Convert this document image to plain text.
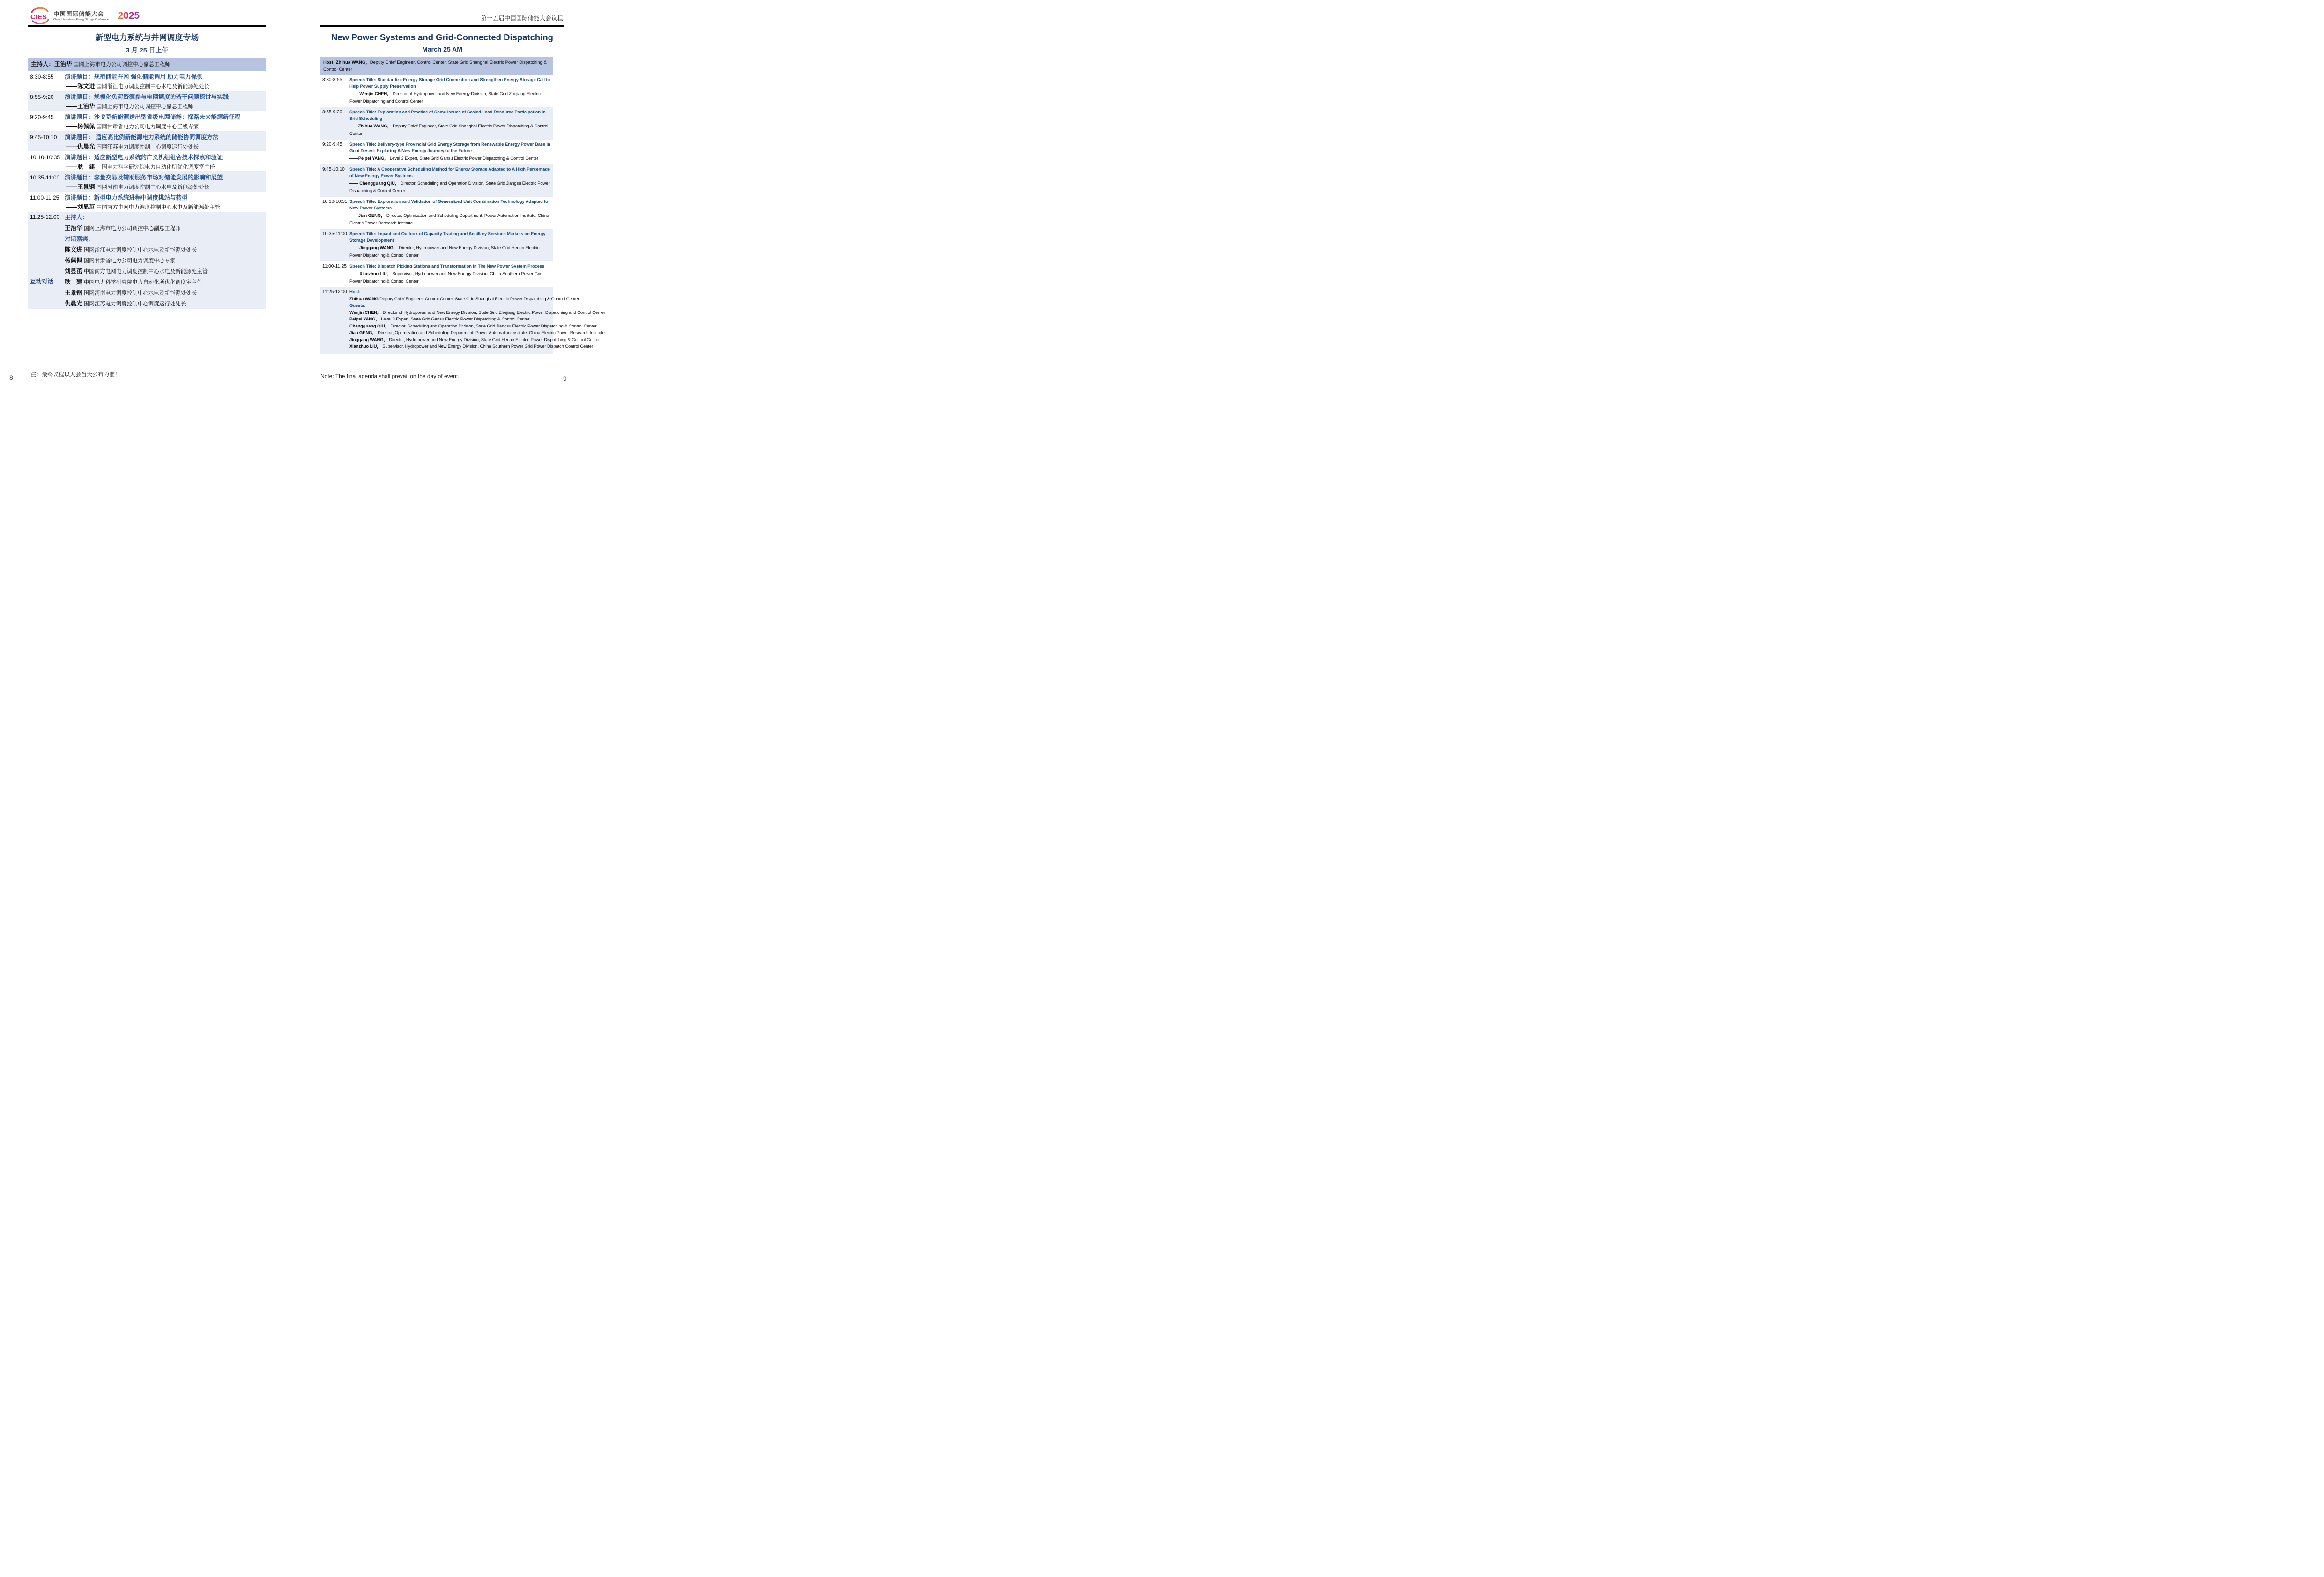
CIES 中国国际储能大会
China International Energy Storage Conference 2025
新型电力系统与并网调度专场
3 月 25 日上午
主持人：王治华 国网上海市电力公司调控中心副总工程师
8:30-8:55	演讲题目：规范储能并网 强化储能调用 助力电力保供
——陈文进 国网浙江电力调度控制中心水电及新能源处处长
8:55-9:20	演讲题目：规模化负荷资源参与电网调度的若干问题探讨与实践
——王治华 国网上海市电力公司调控中心副总工程师
9:20-9:45	演讲题目：沙戈荒新能源送出型省级电网储能：探路未来能源新征程
——杨佩佩 国网甘肃省电力公司电力调度中心三级专家
9:45-10:10	演讲题目： 适应高比例新能源电力系统的储能协同调度方法
——仇晨光 国网江苏电力调度控制中心调度运行处处长
10:10-10:35 演讲题目：适应新型电力系统的广义机组组合技术探索和验证
——耿　建 中国电力科学研究院电力自动化所优化调度室主任
10:35-11:00 演讲题目：容量交易及辅助服务市场对储能发展的影响和展望
——王景钢 国网河南电力调度控制中心水电及新能源处处长
11:00-11:25 演讲题目：新型电力系统进程中调度挑站与转型
——刘显茁 中国南方电网电力调度控制中心水电及新能源处主管
11:25-12:00 主持人：
王治华 国网上海市电力公司调控中心副总工程师
对话嘉宾：
陈文进 国网浙江电力调度控制中心水电及新能源处处长
杨佩佩 国网甘肃省电力公司电力调度中心专家
刘显茁 中国南方电网电力调度控制中心水电及新能源处主管
互动对话	耿　建 中国电力科学研究院电力自动化所优化调度室主任
王景钢 国网河南电力调度控制中心水电及新能源处处长
仇晨光 国网江苏电力调度控制中心调度运行处处长
第十五届中国国际储能大会议程
New Power Systems and Grid-Connected Dispatching
March 25 AM
Host: Zhihua WANG，Deputy Chief Engineer, Control Center, State Grid Shanghai Electric Power Dispatching & Control Center
8:30-8:55	Speech Title: Standardize Energy Storage Grid Connection and Strengthen Energy Storage Call to Help Power Supply Preservation
—— Wenjin CHEN， Director of Hydropower and New Energy Division, State Grid Zhejiang Electric Power Dispatching and Control Center
8:55-9:20	Speech Title: Exploration and Practice of Some Issues of Scaled Load Resource Participation in Srid Scheduling
——Zhihua WANG， Deputy Chief Engineer, State Grid Shanghai Electric Power Dispatching & Control Center
9:20-9:45	Speech Title: Delivery-type Provincial Grid Energy Storage from Renewable Energy Power Base in Gobi Desert: Exploring A New Energy Journey to the Future
——Peipei YANG， Level 3 Expert, State Grid Gansu Electric Power Dispatching & Control Center
9:45-10:10	Speech Title: A Cooperative Scheduling Method for Energy Storage Adapted to A High Percentage of New Energy Power Systems
—— Chengguang QIU， Director, Scheduling and Operation Division, State Grid Jiangsu Electric Power Dispatching & Control Center
10:10-10:35 Speech Title: Exploration and Validation of Generalized Unit Combination Technology Adapted to New Power Systems
——Jian GENG， Director, Optimization and Scheduling Department, Power Automation Institute, China Electric Power Research Institute
10:35-11:00 Speech Title: Impact and Outlook of Capacity Trading and Ancillary Services Markets on Energy Storage Development
—— Jinggang WANG， Director, Hydropower and New Energy Division, State Grid Henan Electric Power Dispatching & Control Center
11:00-11:25 Speech Title: Dispatch Picking Stations and Transformation in The New Power System Process
—— Xianzhuo LIU， Supervisor, Hydropower and New Energy Division, China Southern Power Grid Power Dispatching & Control Center
11:25-12:00 Host:

Zhihua WANG,Deputy Chief Engineer, Control Center, State Grid Shanghai Electric Power Dispatching & Control Center

Guests:

Wenjin CHEN， Director of Hydropower and New Energy Division, State Grid Zhejiang Electric Power Dispatching and Control Center

Peipei YANG， Level 3 Expert, State Grid Gansu Electric Power Dispatching & Control Center

Chengguang QIU， Director, Scheduling and Operation Division, State Grid Jiangsu Electric Power Dispatching & Control Center

Jian GENG， Director, Optimization and Scheduling Department, Power Automation Institute, China Electric Power Research Institute

Jinggang WANG， Director, Hydropower and New Energy Division, State Grid Henan Electric Power Dispatching & Control Center

Xianzhuo LIU， Supervisor, Hydropower and New Energy Division, China Southern Power Grid Power Dispatch Control Center

注：最终议程以大会当天公布为准！	Note: The final agenda shall prevail on the day of event.
8	9
